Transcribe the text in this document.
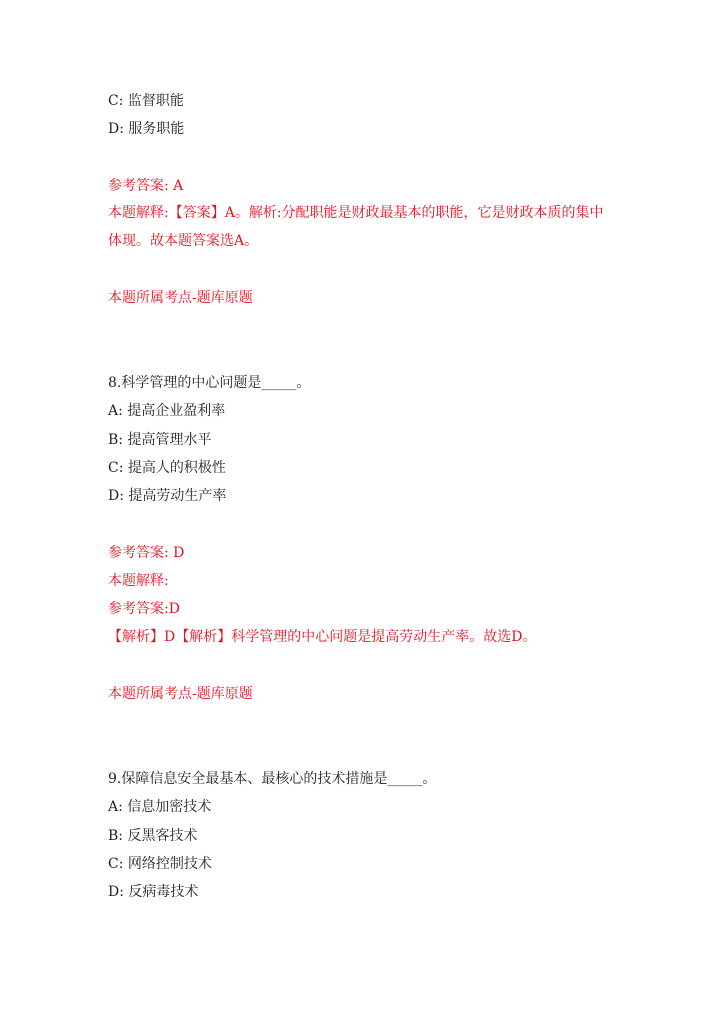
C: 监督职能
D: 服务职能
参考答案: A
本题解释:【答案】A。解析:分配职能是财政最基本的职能，它是财政本质的集中体现。故本题答案选A。
本题所属考点-题库原题
8.科学管理的中心问题是_____。
A: 提高企业盈利率
B: 提高管理水平
C: 提高人的积极性
D: 提高劳动生产率
参考答案: D
本题解释:
参考答案:D
【解析】D【解析】科学管理的中心问题是提高劳动生产率。故选D。
本题所属考点-题库原题
9.保障信息安全最基本、最核心的技术措施是_____。
A: 信息加密技术
B: 反黑客技术
C: 网络控制技术
D: 反病毒技术
